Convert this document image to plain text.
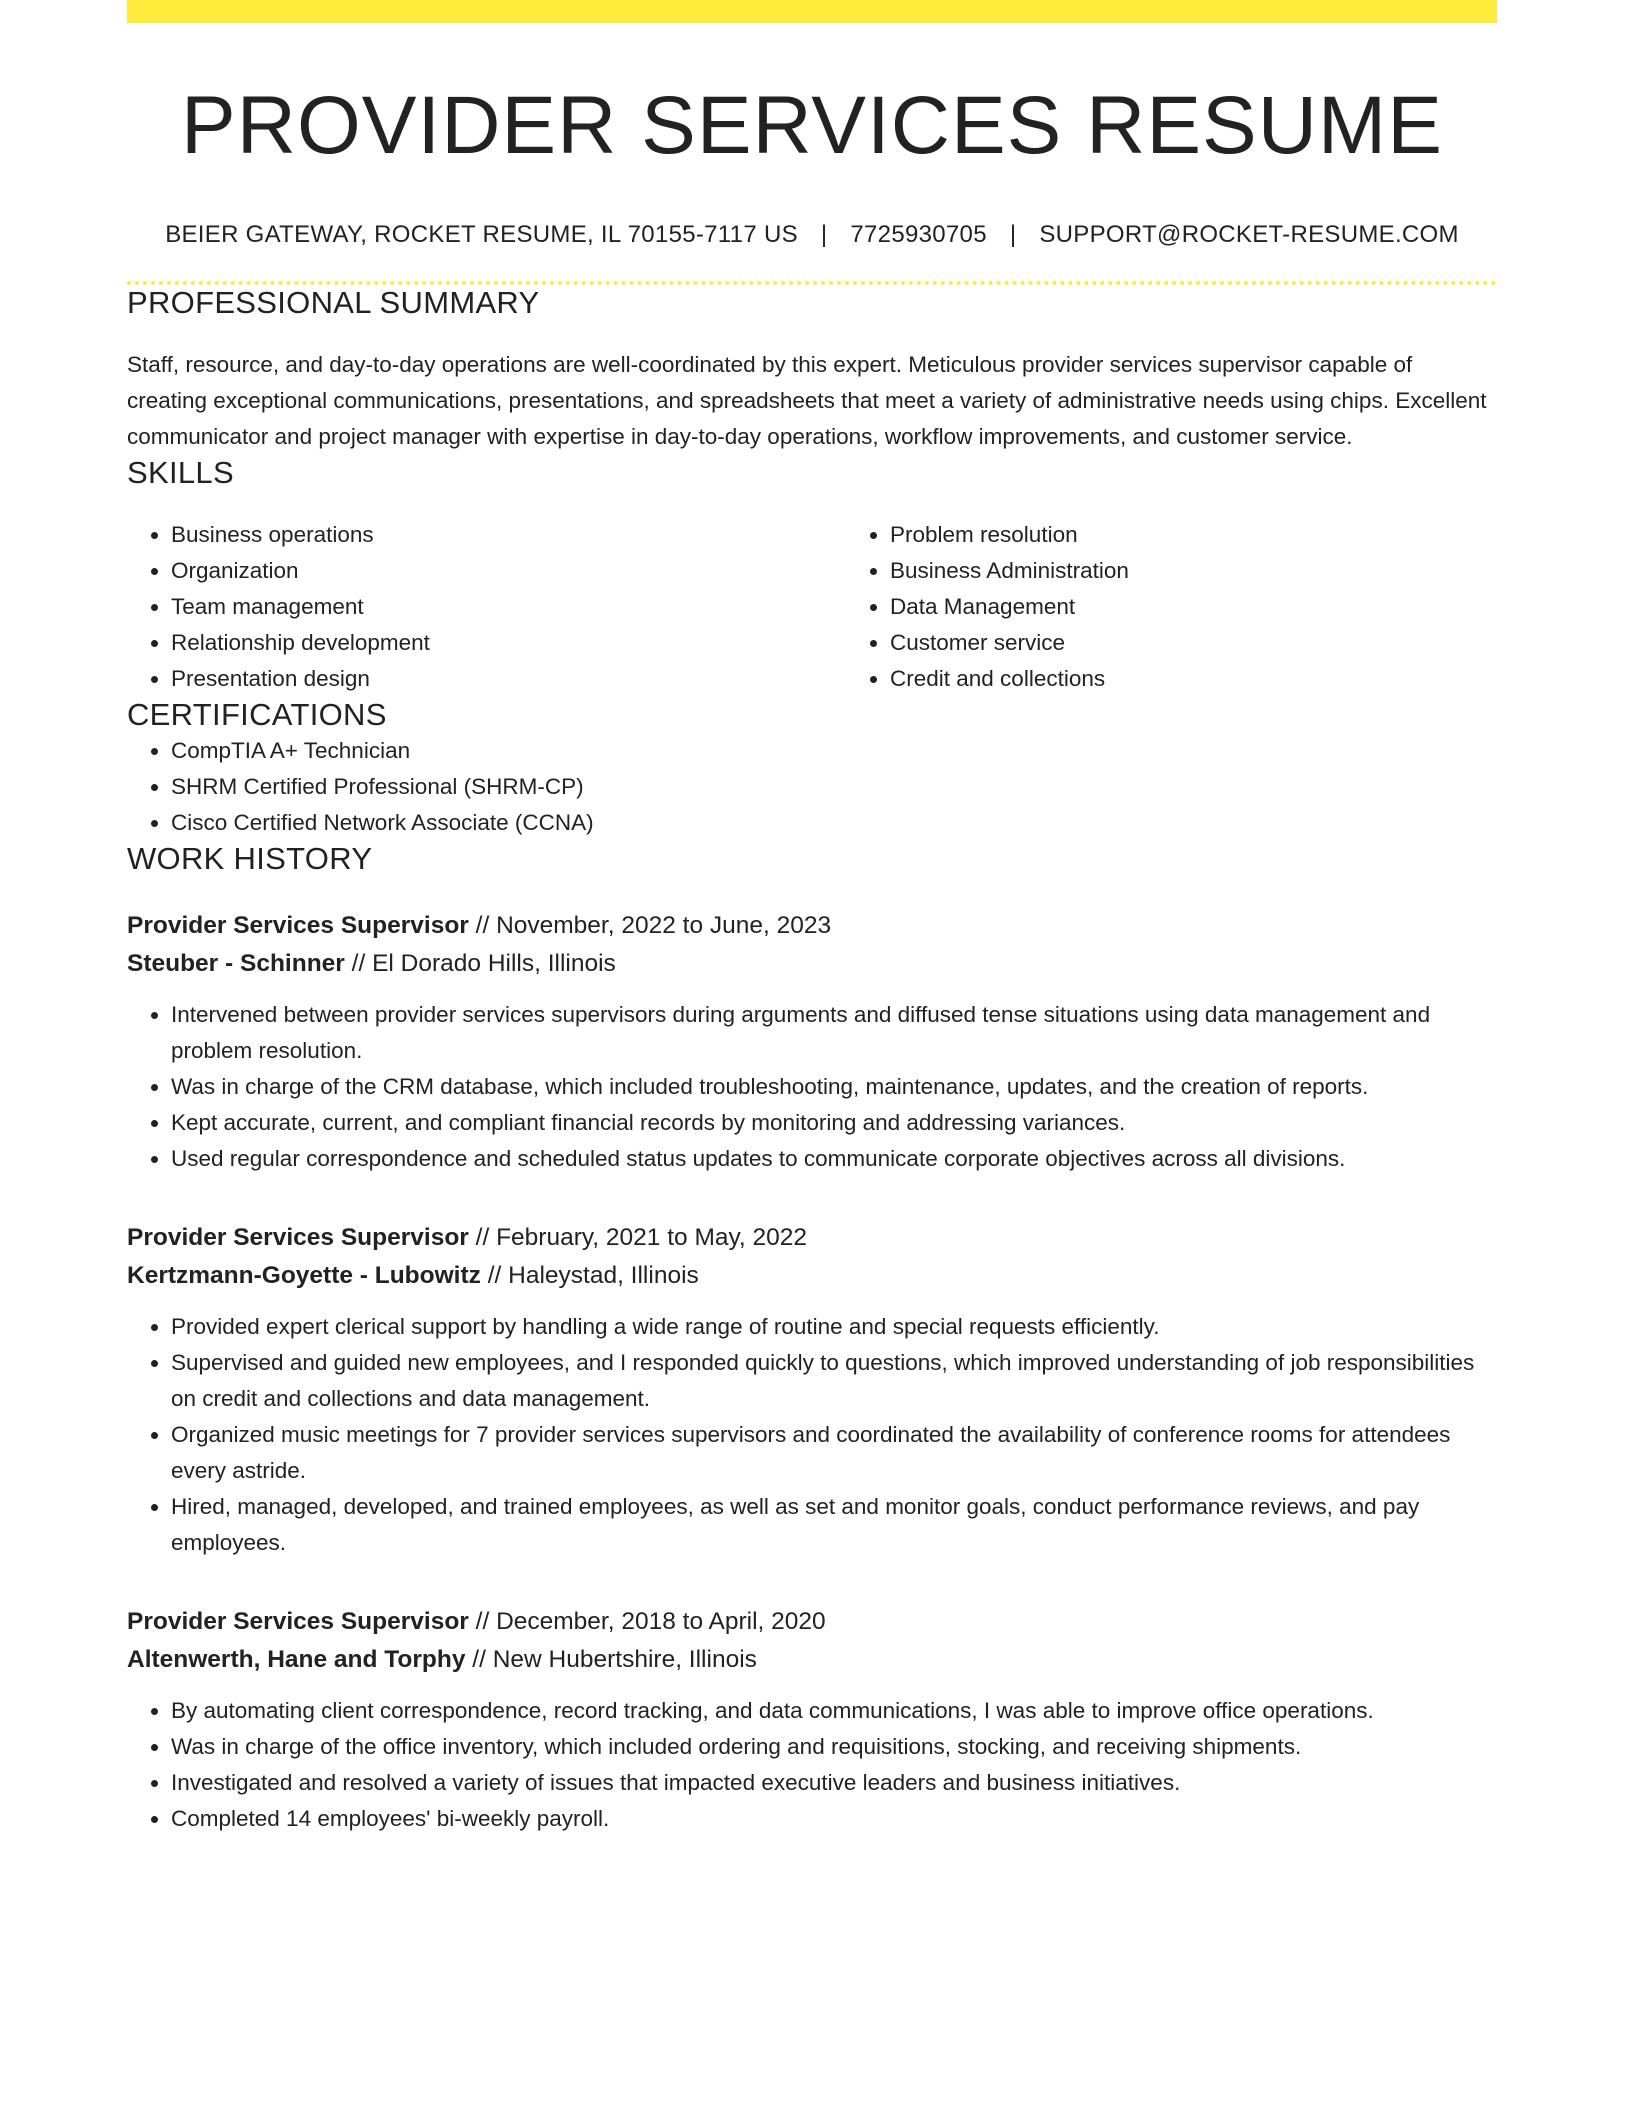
PROVIDER SERVICES RESUME
BEIER GATEWAY, ROCKET RESUME, IL 70155-7117 US | 7725930705 | SUPPORT@ROCKET-RESUME.COM
PROFESSIONAL SUMMARY

Staff, resource, and day-to-day operations are well-coordinated by this expert. Meticulous provider services supervisor capable of creating exceptional communications, presentations, and spreadsheets that meet a variety of administrative needs using chips. Excellent communicator and project manager with expertise in day-to-day operations, workflow improvements, and customer service.

SKILLS
• Business operations
• Organization
• Team management
• Relationship development
• Presentation design
• Problem resolution
• Business Administration
• Data Management
• Customer service
• Credit and collections
CERTIFICATIONS
• CompTIA A+ Technician
• SHRM Certified Professional (SHRM-CP)
• Cisco Certified Network Associate (CCNA)
WORK HISTORY
Provider Services Supervisor // November, 2022 to June, 2023
Steuber - Schinner // El Dorado Hills, Illinois
• Intervened between provider services supervisors during arguments and diffused tense situations using data management and problem resolution.
• Was in charge of the CRM database, which included troubleshooting, maintenance, updates, and the creation of reports.
• Kept accurate, current, and compliant financial records by monitoring and addressing variances.
• Used regular correspondence and scheduled status updates to communicate corporate objectives across all divisions.
Provider Services Supervisor // February, 2021 to May, 2022
Kertzmann-Goyette - Lubowitz // Haleystad, Illinois
• Provided expert clerical support by handling a wide range of routine and special requests efficiently.
• Supervised and guided new employees, and I responded quickly to questions, which improved understanding of job responsibilities on credit and collections and data management.
• Organized music meetings for 7 provider services supervisors and coordinated the availability of conference rooms for attendees every astride.
• Hired, managed, developed, and trained employees, as well as set and monitor goals, conduct performance reviews, and pay employees.
Provider Services Supervisor // December, 2018 to April, 2020
Altenwerth, Hane and Torphy // New Hubertshire, Illinois
• By automating client correspondence, record tracking, and data communications, I was able to improve office operations.
• Was in charge of the office inventory, which included ordering and requisitions, stocking, and receiving shipments.
• Investigated and resolved a variety of issues that impacted executive leaders and business initiatives.
• Completed 14 employees' bi-weekly payroll.
